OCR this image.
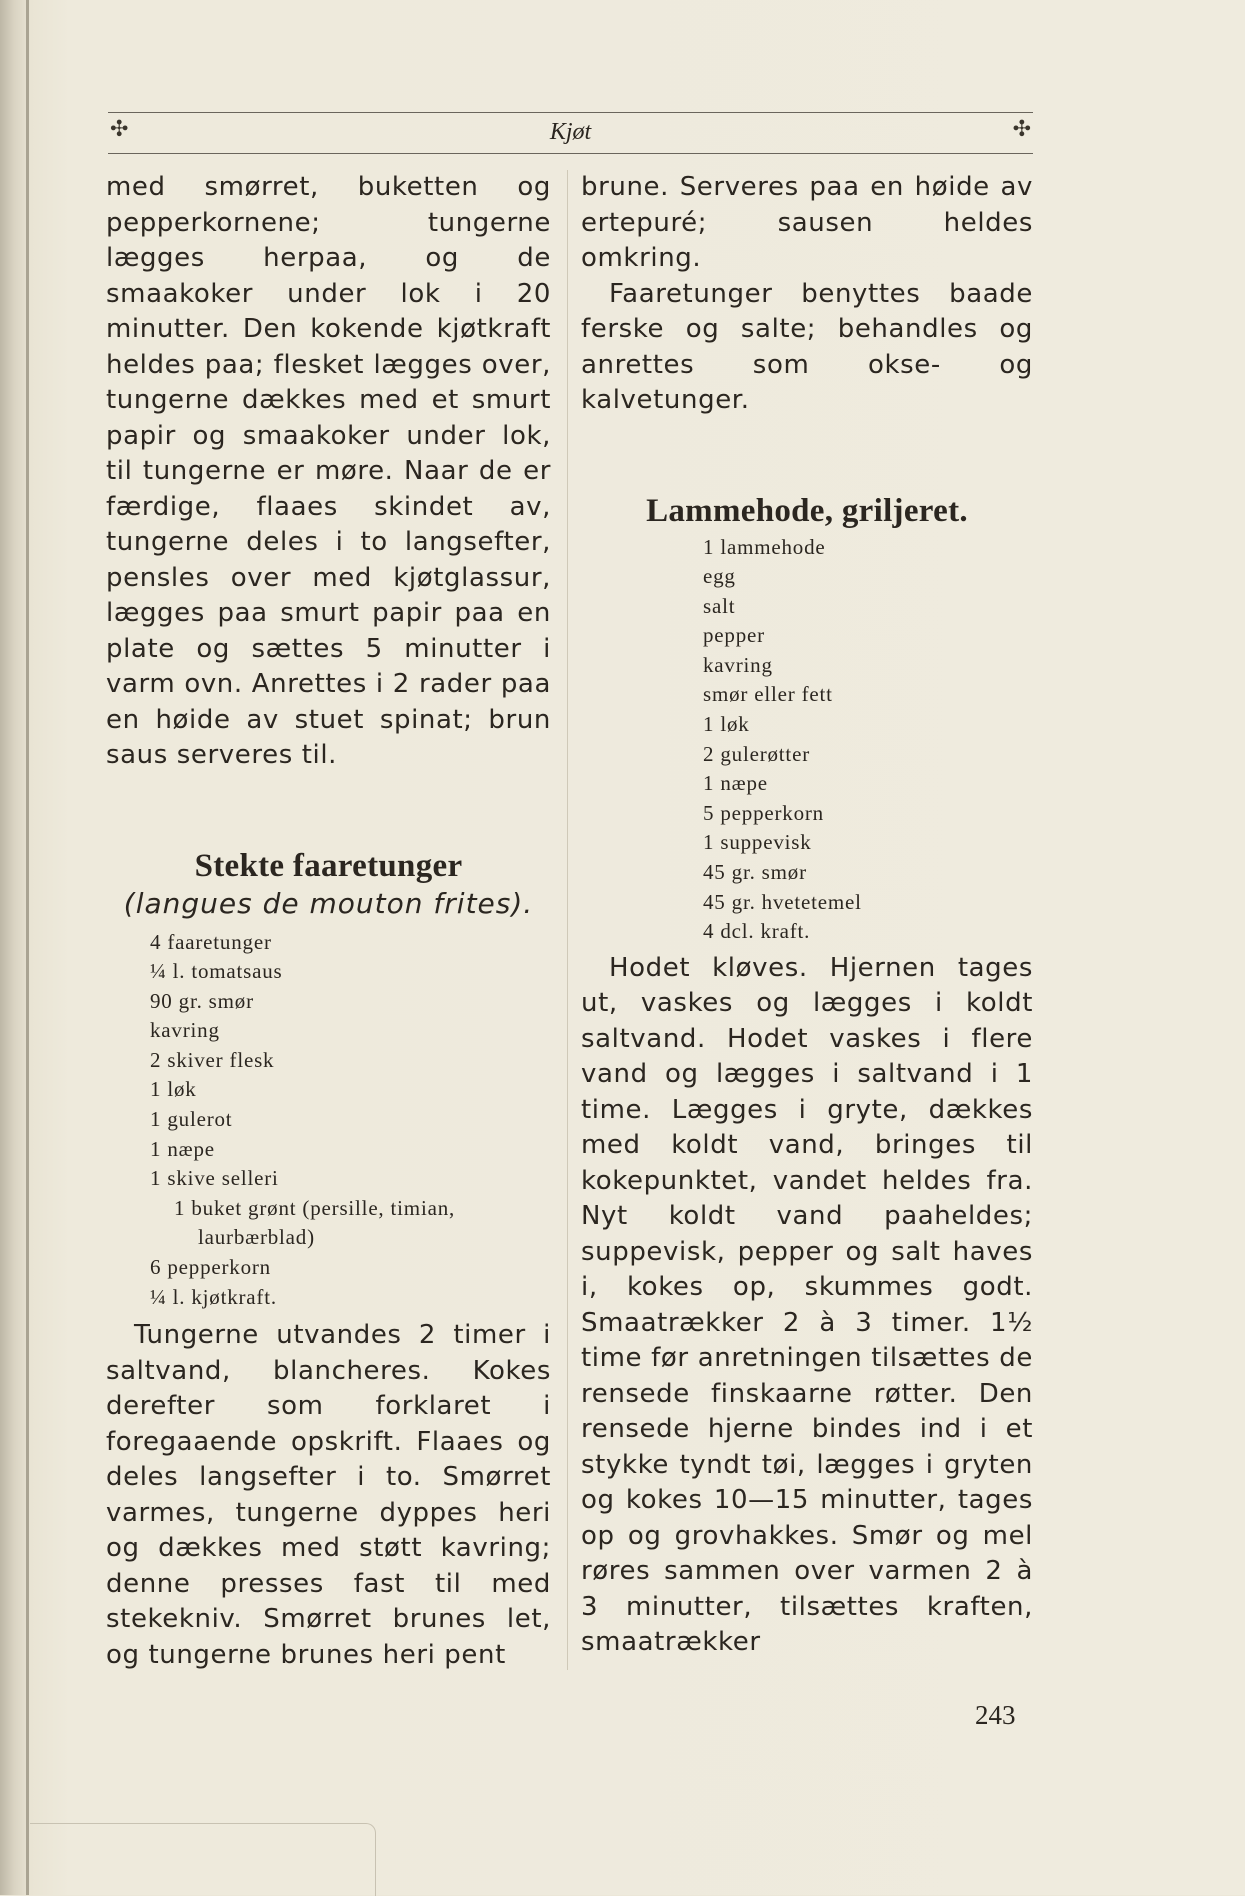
✣	Kjøt	✣

med smørret, buketten og pepperkornene; tungerne lægges herpaa, og de smaakoker under lok i 20 minutter. Den kokende kjøtkraft heldes paa; flesket lægges over, tungerne dækkes med et smurt papir og smaakoker under lok, til tungerne er møre. Naar de er færdige, flaaes skindet av, tungerne deles i to langsefter, pensles over med kjøtglassur, lægges paa smurt papir paa en plate og sættes 5 minutter i varm ovn. Anrettes i 2 rader paa en høide av stuet spinat; brun saus serveres til.

Stekte faaretunger

(langues de mouton frites).

4 faaretunger
¼ l. tomatsaus
90 gr. smør
kavring
2 skiver flesk
1 løk
1 gulerot
1 næpe
1 skive selleri
1 buket grønt (persille, timian, laurbærblad)
6 pepperkorn
¼ l. kjøtkraft.

Tungerne utvandes 2 timer i saltvand, blancheres. Kokes derefter som forklaret i foregaaende opskrift. Flaaes og deles langsefter i to. Smørret varmes, tungerne dyppes heri og dækkes med støtt kavring; denne presses fast til med stekekniv. Smørret brunes let, og tungerne brunes heri pent

brune. Serveres paa en høide av ertepuré; sausen heldes omkring.

Faaretunger benyttes baade ferske og salte; behandles og anrettes som okse- og kalvetunger.

Lammehode, griljeret.
1 lammehode
egg
salt
pepper
kavring
smør eller fett
1 løk
2 gulerøtter
1 næpe
5 pepperkorn
1 suppevisk
45 gr. smør
45 gr. hvetetemel
4 dcl. kraft.

Hodet kløves. Hjernen tages ut, vaskes og lægges i koldt saltvand. Hodet vaskes i flere vand og lægges i saltvand i 1 time. Lægges i gryte, dækkes med koldt vand, bringes til kokepunktet, vandet heldes fra. Nyt koldt vand paaheldes; suppevisk, pepper og salt haves i, kokes op, skummes godt. Smaatrækker 2 à 3 timer. 1½ time før anretningen tilsættes de rensede finskaarne røtter. Den rensede hjerne bindes ind i et stykke tyndt tøi, lægges i gryten og kokes 10—15 minutter, tages op og grovhakkes. Smør og mel røres sammen over varmen 2 à 3 minutter, tilsættes kraften, smaatrækker

243
